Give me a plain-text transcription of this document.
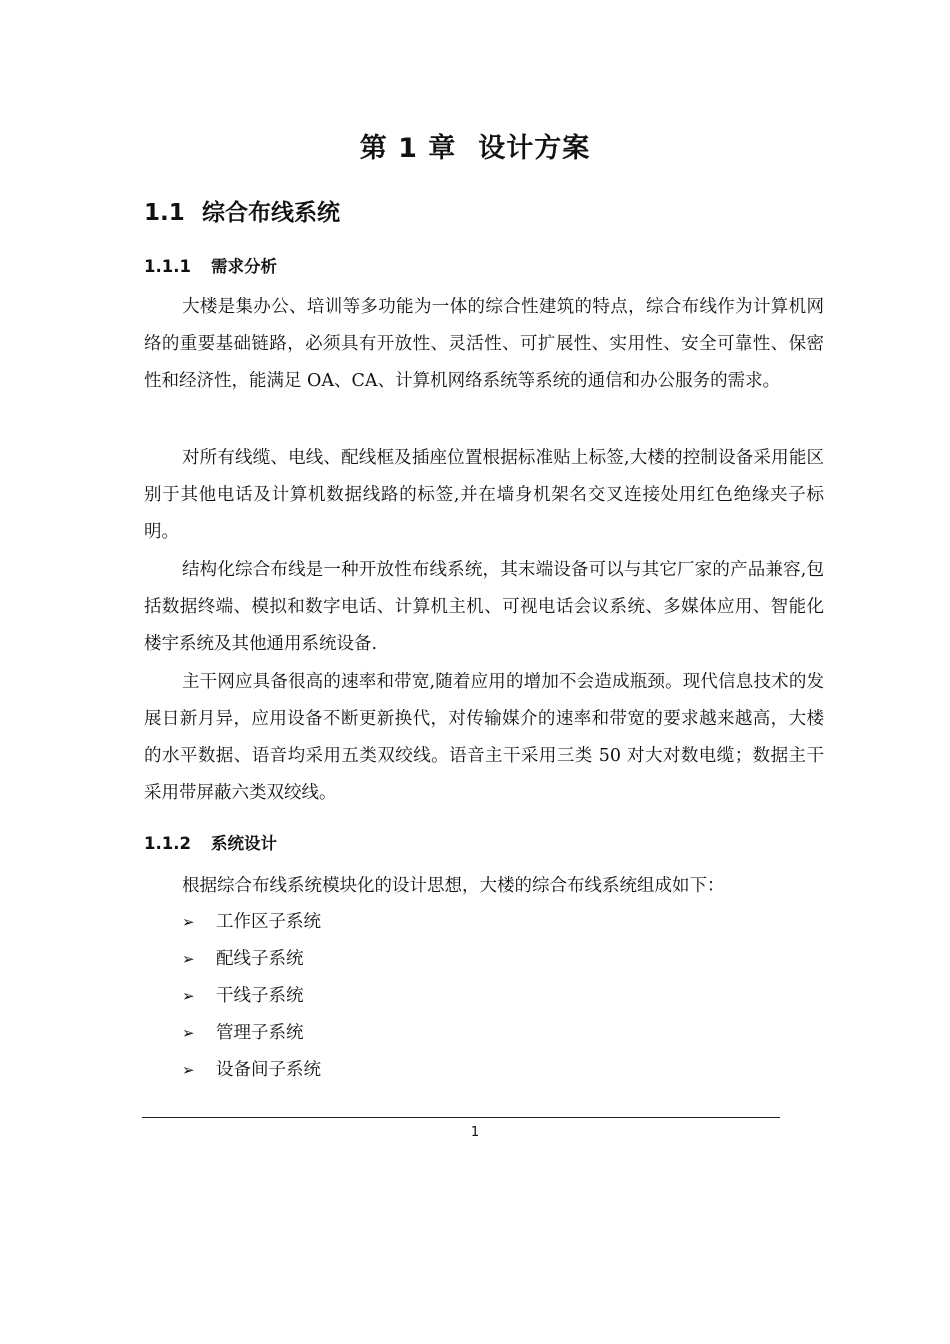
第 1 章 设计方案
1.1 综合布线系统
1.1.1 需求分析

大楼是集办公、培训等多功能为一体的综合性建筑的特点，综合布线作为计算机网络的重要基础链路，必须具有开放性、灵活性、可扩展性、实用性、安全可靠性、保密性和经济性，能满足 OA、CA、计算机网络系统等系统的通信和办公服务的需求。

对所有线缆、电线、配线框及插座位置根据标准贴上标签,大楼的控制设备采用能区别于其他电话及计算机数据线路的标签,并在墙身机架名交叉连接处用红色绝缘夹子标明。

结构化综合布线是一种开放性布线系统，其末端设备可以与其它厂家的产品兼容,包括数据终端、模拟和数字电话、计算机主机、可视电话会议系统、多媒体应用、智能化楼宇系统及其他通用系统设备.

主干网应具备很高的速率和带宽,随着应用的增加不会造成瓶颈。现代信息技术的发展日新月异，应用设备不断更新换代，对传输媒介的速率和带宽的要求越来越高，大楼的水平数据、语音均采用五类双绞线。语音主干采用三类 50 对大对数电缆；数据主干采用带屏蔽六类双绞线。

1.1.2 系统设计

根据综合布线系统模块化的设计思想，大楼的综合布线系统组成如下：

➢	工作区子系统
➢	配线子系统
➢	干线子系统
➢	管理子系统
➢	设备间子系统
1
